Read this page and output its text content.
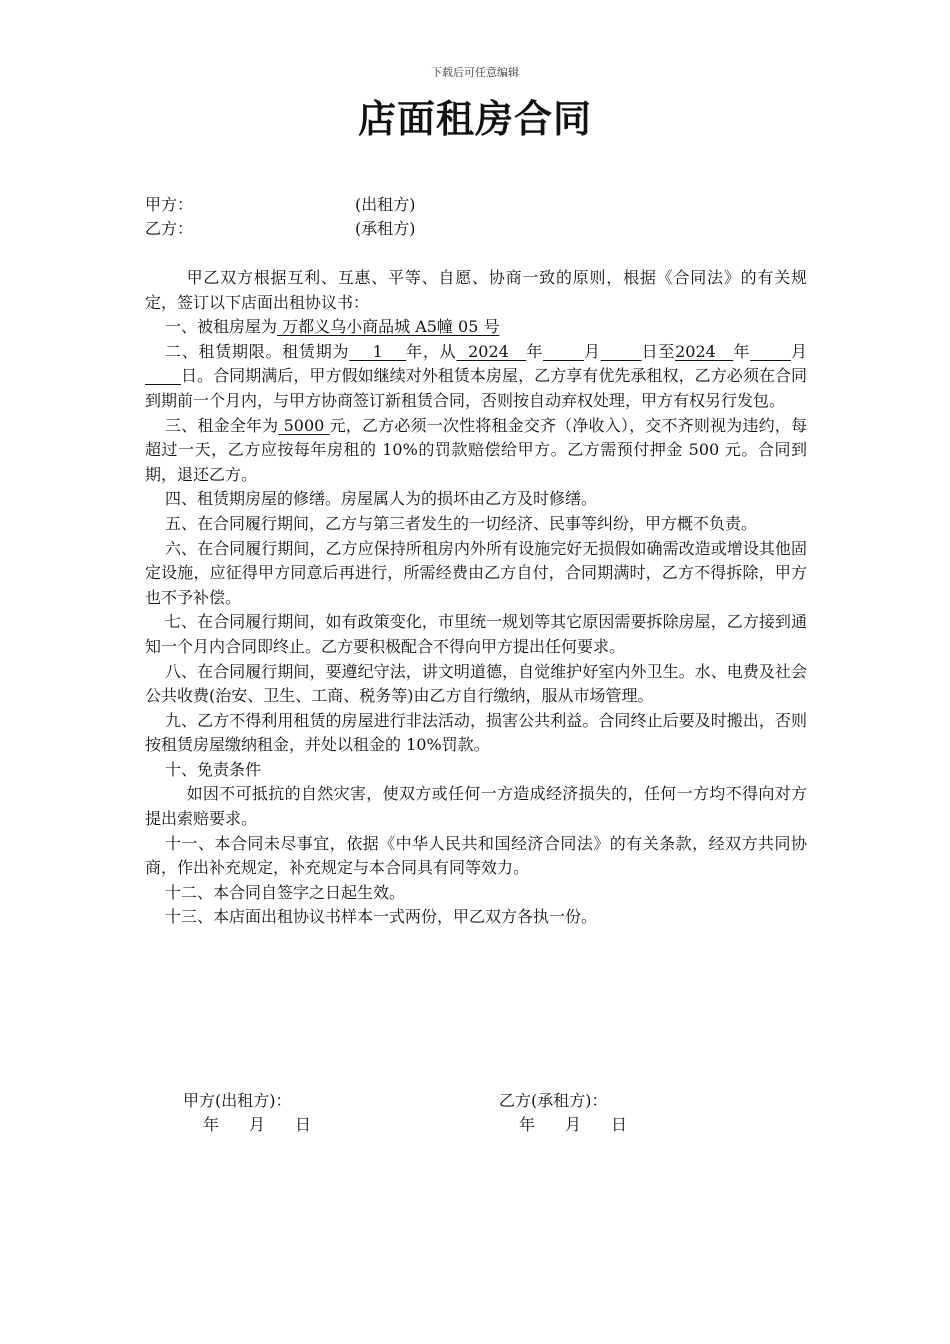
下载后可任意编辑
店面租房合同
甲方：	(出租方)
乙方：	(承租方)

甲乙双方根据互利、互惠、平等、自愿、协商一致的原则，根据《合同法》的有关规定，签订以下店面出租协议书：

一、被租房屋为 万都义乌小商品城 A5幢 05 号

二、租赁期限。租赁期为    1    年，从  2024   年	月	日至2024   年	月       日。合同期满后，甲方假如继续对外租赁本房屋，乙方享有优先承租权，乙方必须在合同到期前一个月内，与甲方协商签订新租赁合同，否则按自动弃权处理，甲方有权另行发包。

三、租金全年为 5000 元，乙方必须一次性将租金交齐（净收入），交不齐则视为违约，每超过一天，乙方应按每年房租的 10%的罚款赔偿给甲方。乙方需预付押金 500 元。合同到期，退还乙方。

四、租赁期房屋的修缮。房屋属人为的损坏由乙方及时修缮。

五、在合同履行期间，乙方与第三者发生的一切经济、民事等纠纷，甲方概不负责。

六、在合同履行期间，乙方应保持所租房内外所有设施完好无损假如确需改造或增设其他固定设施，应征得甲方同意后再进行，所需经费由乙方自付，合同期满时，乙方不得拆除，甲方也不予补偿。

七、在合同履行期间，如有政策变化，市里统一规划等其它原因需要拆除房屋，乙方接到通知一个月内合同即终止。乙方要积极配合不得向甲方提出任何要求。

八、在合同履行期间，要遵纪守法，讲文明道德，自觉维护好室内外卫生。水、电费及社会公共收费(治安、卫生、工商、税务等)由乙方自行缴纳，服从市场管理。

九、乙方不得利用租赁的房屋进行非法活动，损害公共利益。合同终止后要及时搬出，否则按租赁房屋缴纳租金，并处以租金的 10%罚款。

十、免责条件

如因不可抵抗的自然灾害，使双方或任何一方造成经济损失的，任何一方均不得向对方提出索赔要求。

十一、本合同未尽事宜，依据《中华人民共和国经济合同法》的有关条款，经双方共同协商，作出补充规定，补充规定与本合同具有同等效力。

十二、本合同自签字之日起生效。

十三、本店面出租协议书样本一式两份，甲乙双方各执一份。

甲方(出租方)：
年 月 日
乙方(承租方)：
年 月 日
